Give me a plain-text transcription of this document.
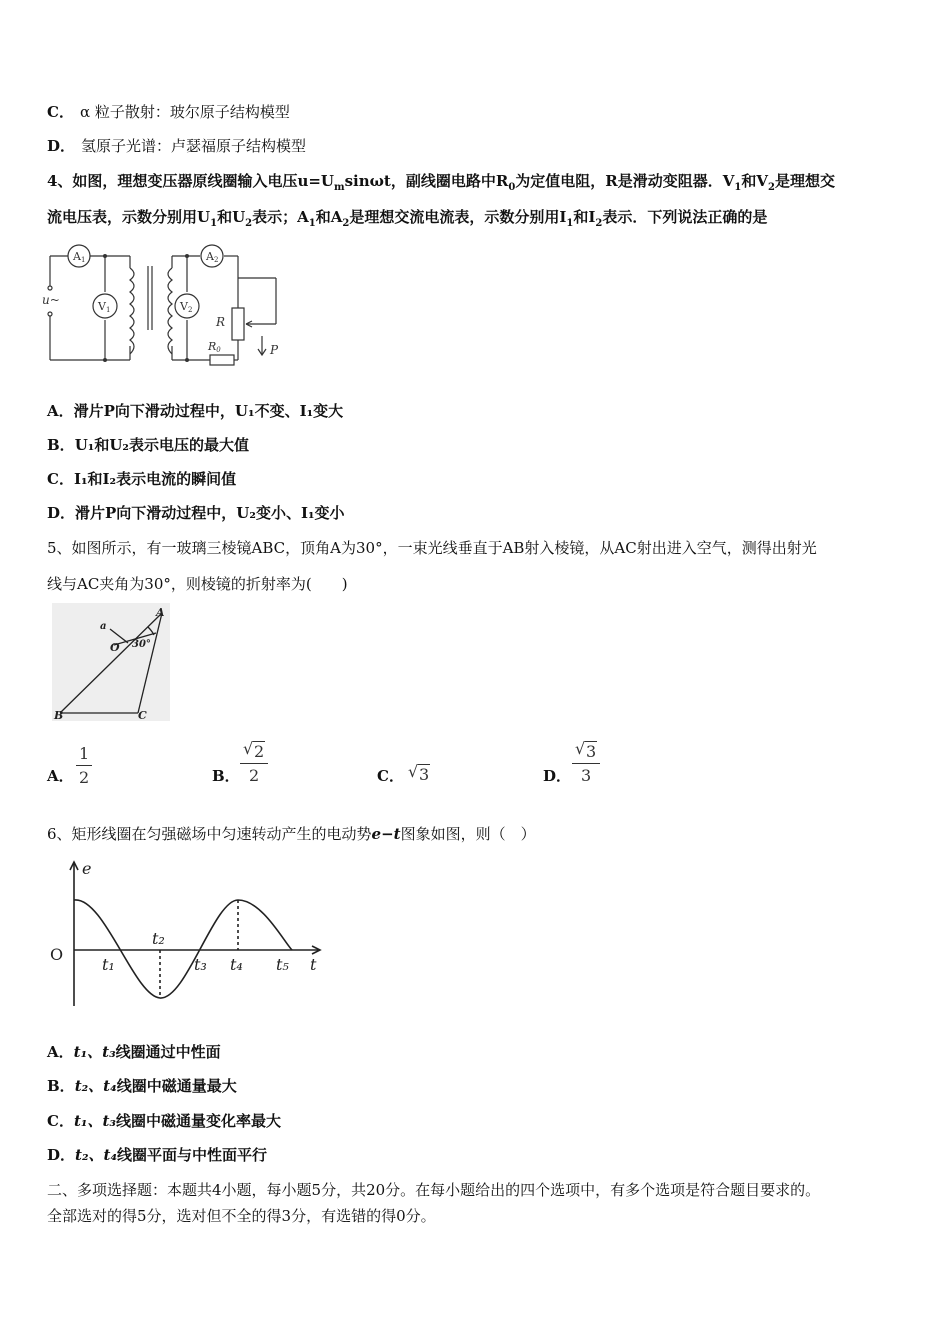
C． α 粒子散射：玻尔原子结构模型
D． 氢原子光谱：卢瑟福原子结构模型
4、如图，理想变压器原线圈输入电压$u=U_m\sin\omega t$，副线圈电路中$R_0$为定值电阻，R是滑动变阻器．$V_1$和$V_2$是理想交
流电压表，示数分别用$U_1$和$U_2$表示；$A_1$和$A_2$是理想交流电流表，示数分别用$I_1$和$I_2$表示．下列说法正确的是
A1	A2
V1	V2
u~
R
R0	P
A．滑片P向下滑动过程中，U₁不变、I₁变大
B．U₁和U₂表示电压的最大值
C．I₁和I₂表示电流的瞬间值
D．滑片P向下滑动过程中，U₂变小、I₁变小
5、如图所示，有一玻璃三棱镜ABC，顶角A为30°，一束光线垂直于AB射入棱镜，从AC射出进入空气，测得出射光
线与AC夹角为30°，则棱镜的折射率为(　　)
A
B	C
O
a
30°
A．
1
2	B．
√ 2
2	C． √ 3	D．
√ 3
3
6、矩形线圈在匀强磁场中匀速转动产生的电动势e−t图象如图，则（　）
e
O
t
t₁
t₂
t₃ t₄ t₅
A．t₁、t₃线圈通过中性面
B．t₂、t₄线圈中磁通量最大
C．t₁、t₃线圈中磁通量变化率最大
D．t₂、t₄线圈平面与中性面平行
二、多项选择题：本题共4小题，每小题5分，共20分。在每小题给出的四个选项中，有多个选项是符合题目要求的。
全部选对的得5分，选对但不全的得3分，有选错的得0分。
